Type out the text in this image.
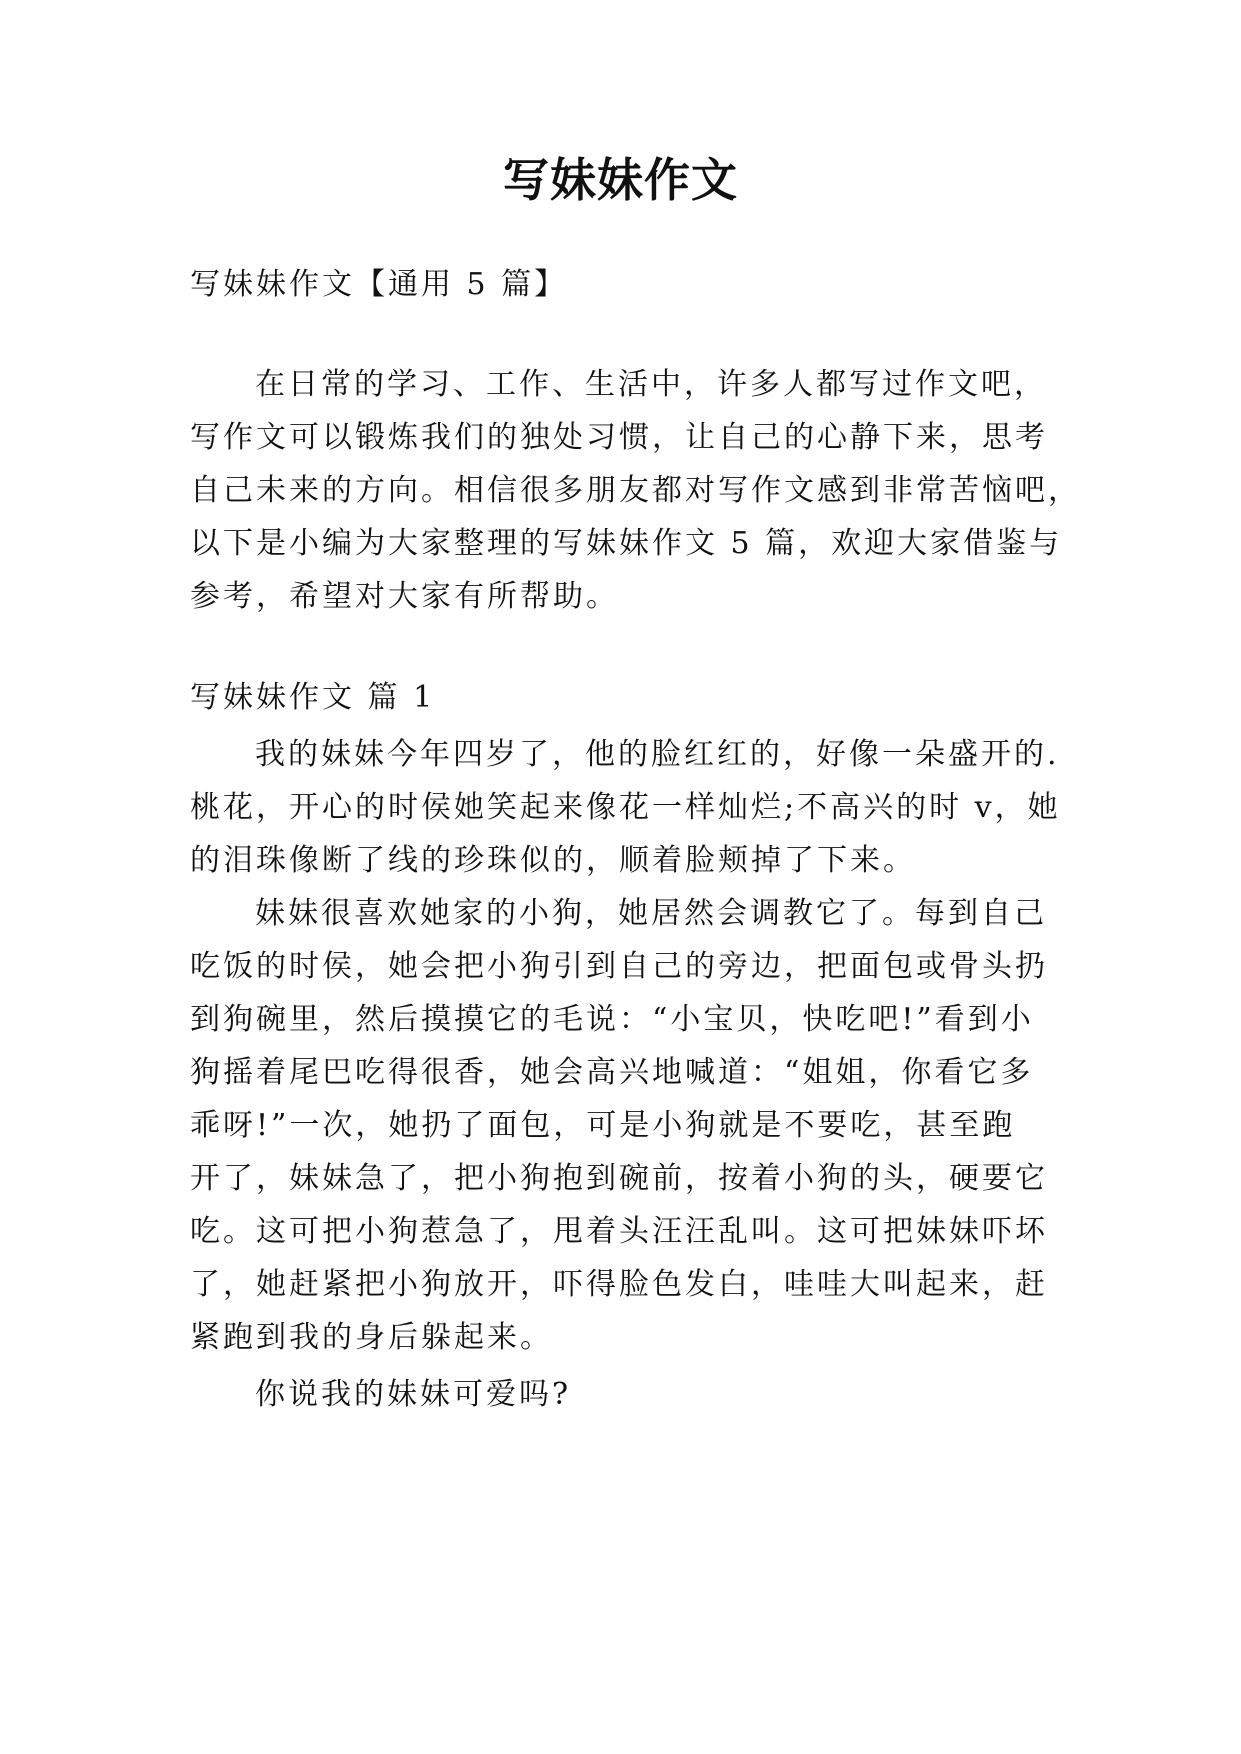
写妹妹作文
写妹妹作文【通用 5 篇】
在日常的学习、工作、生活中，许多人都写过作文吧，
写作文可以锻炼我们的独处习惯，让自己的心静下来，思考
自己未来的方向。相信很多朋友都对写作文感到非常苦恼吧，
以下是小编为大家整理的写妹妹作文 5 篇，欢迎大家借鉴与
参考，希望对大家有所帮助。
写妹妹作文 篇 1
我的妹妹今年四岁了，他的脸红红的，好像一朵盛开的.
桃花，开心的时侯她笑起来像花一样灿烂;不高兴的时 v，她
的泪珠像断了线的珍珠似的，顺着脸颊掉了下来。
妹妹很喜欢她家的小狗，她居然会调教它了。每到自己
吃饭的时侯，她会把小狗引到自己的旁边，把面包或骨头扔
到狗碗里，然后摸摸它的毛说：“小宝贝，快吃吧!”看到小
狗摇着尾巴吃得很香，她会高兴地喊道：“姐姐，你看它多
乖呀!”一次，她扔了面包，可是小狗就是不要吃，甚至跑
开了，妹妹急了，把小狗抱到碗前，按着小狗的头，硬要它
吃。这可把小狗惹急了，甩着头汪汪乱叫。这可把妹妹吓坏
了，她赶紧把小狗放开，吓得脸色发白，哇哇大叫起来，赶
紧跑到我的身后躲起来。
你说我的妹妹可爱吗?
